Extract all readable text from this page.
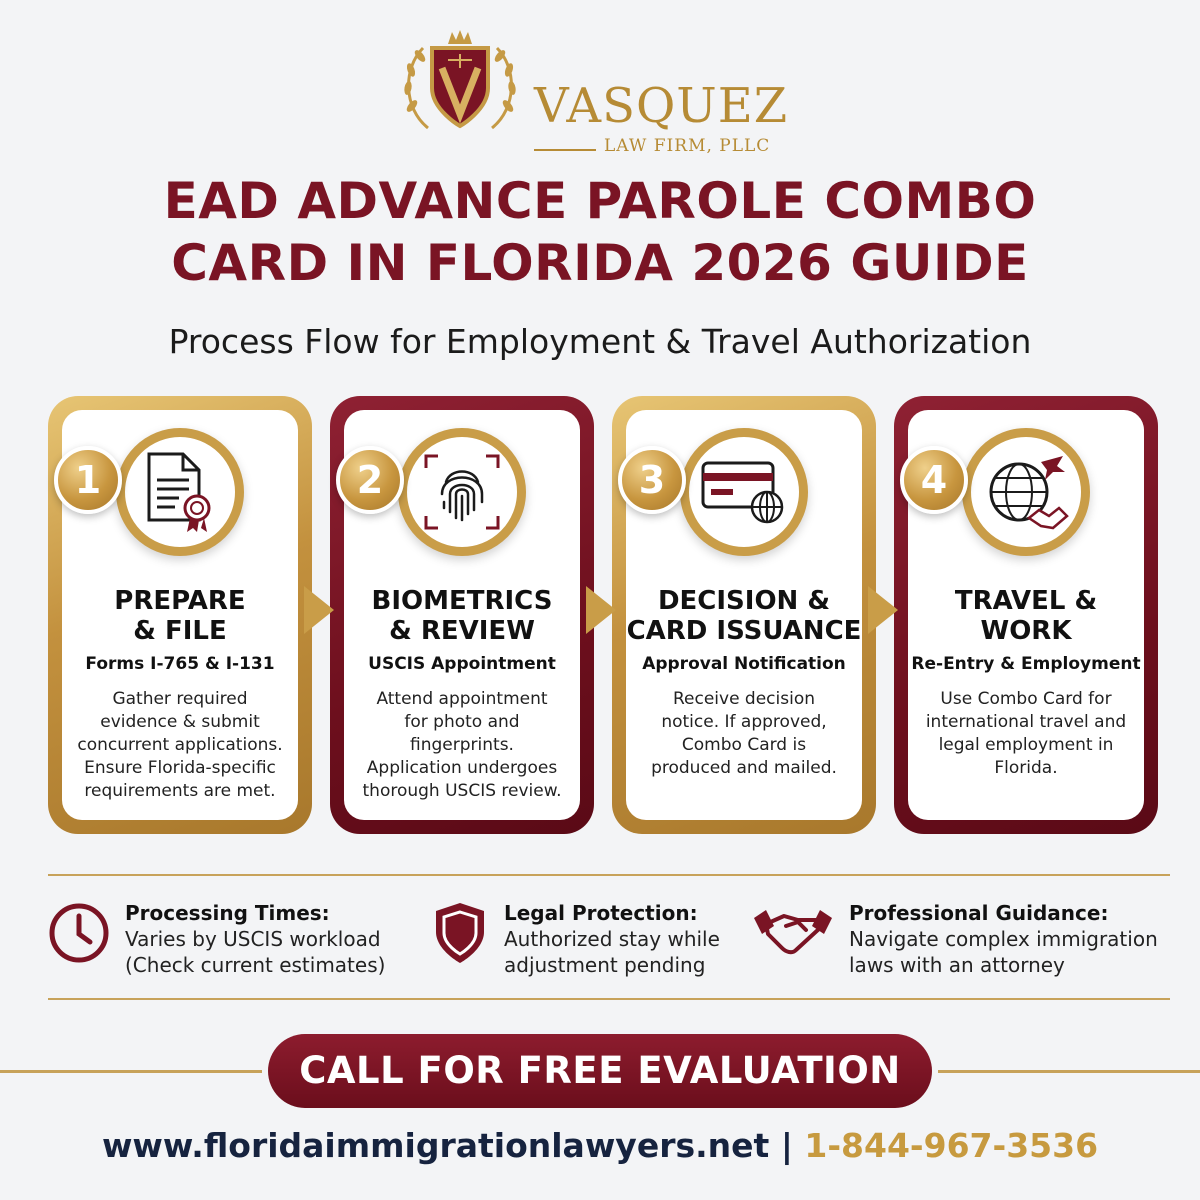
VASQUEZ
LAW FIRM, PLLC
EAD ADVANCE PAROLE COMBO
CARD IN FLORIDA 2026 GUIDE
Process Flow for Employment & Travel Authorization
PREPARE
& FILE
Forms I-765 & I-131
Gather required
evidence & submit
concurrent applications.
Ensure Florida-specific
requirements are met.
1
BIOMETRICS
& REVIEW
USCIS Appointment
Attend appointment
for photo and
fingerprints.
Application undergoes
thorough USCIS review.
2
DECISION &
CARD ISSUANCE
Approval Notification
Receive decision
notice. If approved,
Combo Card is
produced and mailed.
3
TRAVEL &
WORK
Re-Entry & Employment
Use Combo Card for
international travel and
legal employment in
Florida.
4
Processing Times:
Varies by USCIS workload
(Check current estimates)
Legal Protection:
Authorized stay while
adjustment pending
Professional Guidance:
Navigate complex immigration
laws with an attorney
CALL FOR FREE EVALUATION
www.floridaimmigrationlawyers.net | 1-844-967-3536
